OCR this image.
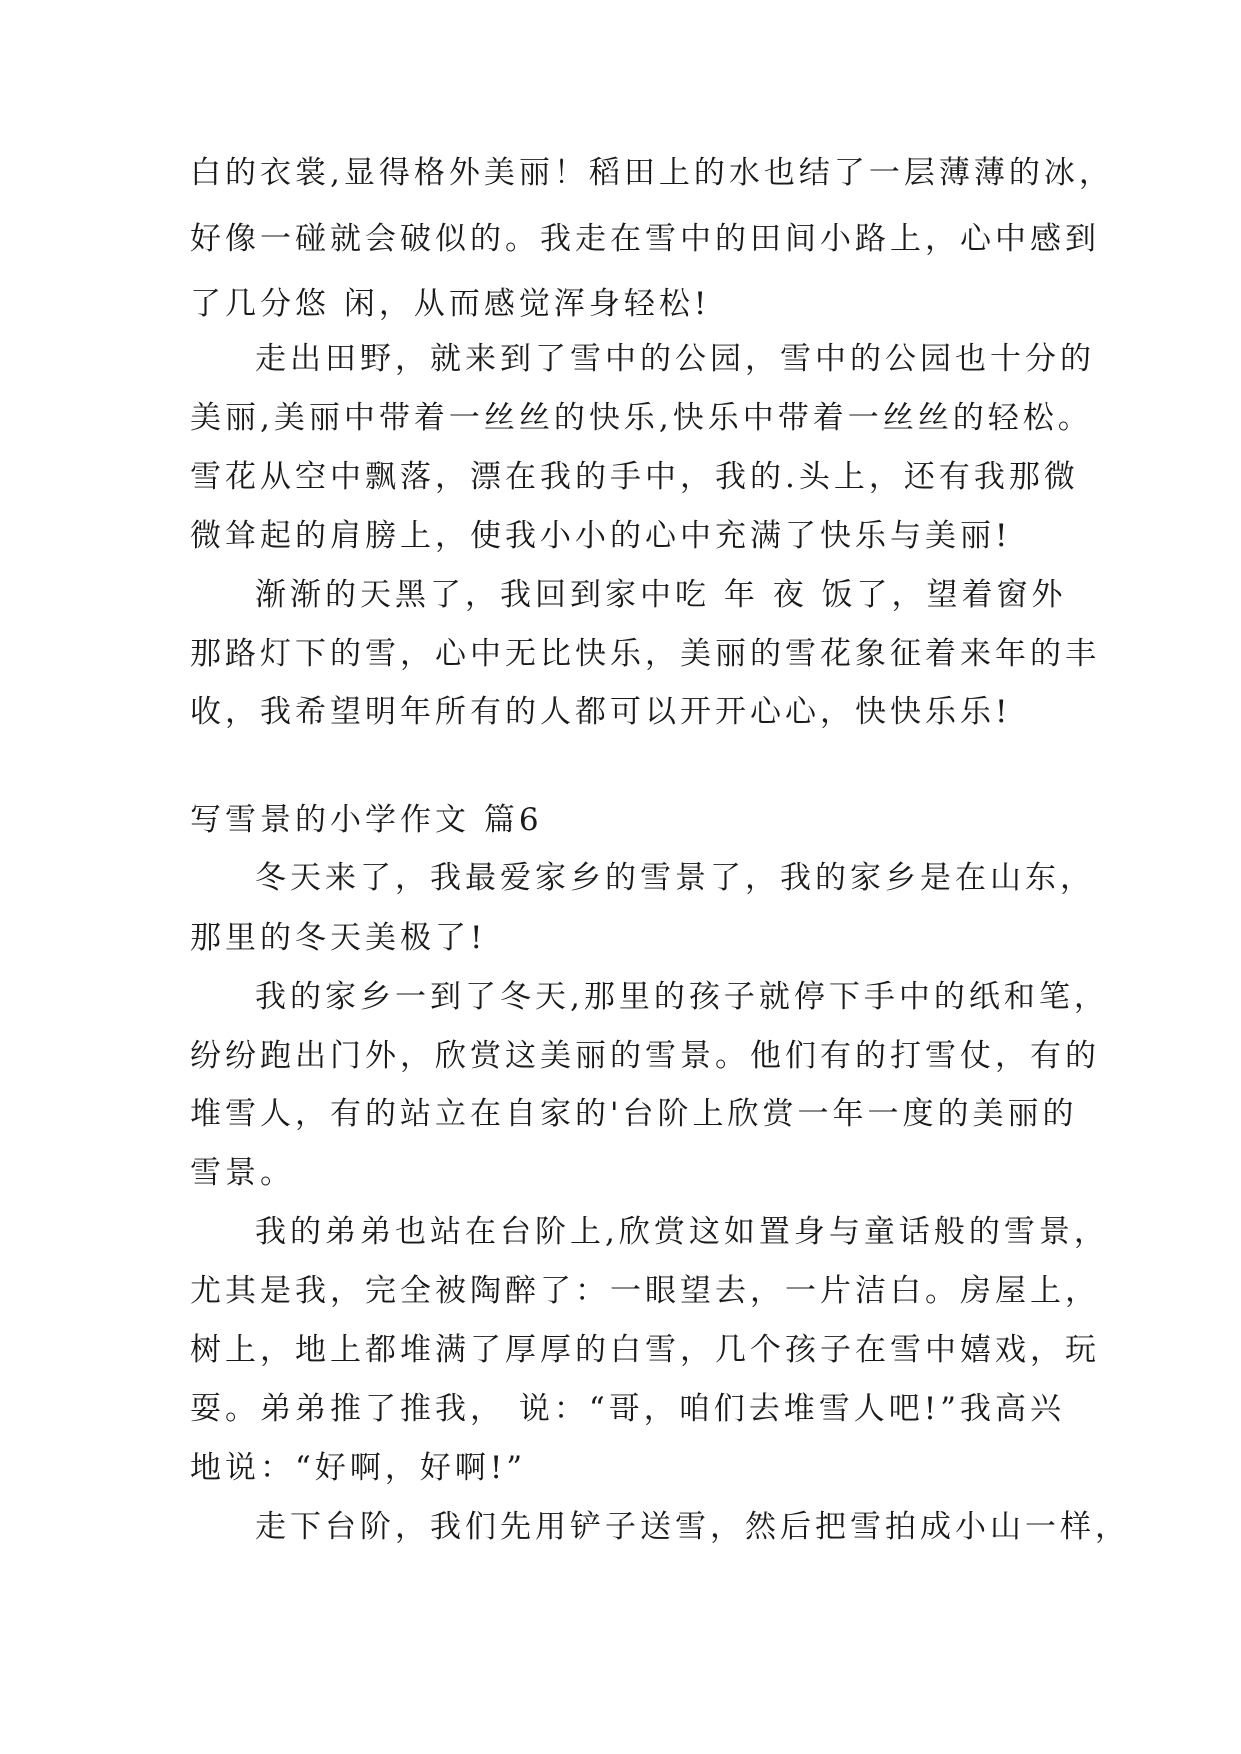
白的衣裳,显得格外美丽！稻田上的水也结了一层薄薄的冰，
好像一碰就会破似的。我走在雪中的田间小路上，心中感到
了几分悠 闲，从而感觉浑身轻松!
走出田野，就来到了雪中的公园，雪中的公园也十分的
美丽,美丽中带着一丝丝的快乐,快乐中带着一丝丝的轻松。
雪花从空中飘落，漂在我的手中，我的.头上，还有我那微
微耸起的肩膀上，使我小小的心中充满了快乐与美丽!
渐渐的天黑了，我回到家中吃 年 夜 饭了，望着窗外
那路灯下的雪，心中无比快乐，美丽的雪花象征着来年的丰
收，我希望明年所有的人都可以开开心心，快快乐乐!
写雪景的小学作文 篇6
冬天来了，我最爱家乡的雪景了，我的家乡是在山东，
那里的冬天美极了!
我的家乡一到了冬天,那里的孩子就停下手中的纸和笔，
纷纷跑出门外，欣赏这美丽的雪景。他们有的打雪仗，有的
堆雪人，有的站立在自家的'台阶上欣赏一年一度的美丽的
雪景。
我的弟弟也站在台阶上,欣赏这如置身与童话般的雪景，
尤其是我，完全被陶醉了：一眼望去，一片洁白。房屋上，
树上，地上都堆满了厚厚的白雪，几个孩子在雪中嬉戏，玩
耍。弟弟推了推我， 说：“哥，咱们去堆雪人吧!”我高兴
地说：“好啊，好啊!”
走下台阶，我们先用铲子送雪，然后把雪拍成小山一样，
